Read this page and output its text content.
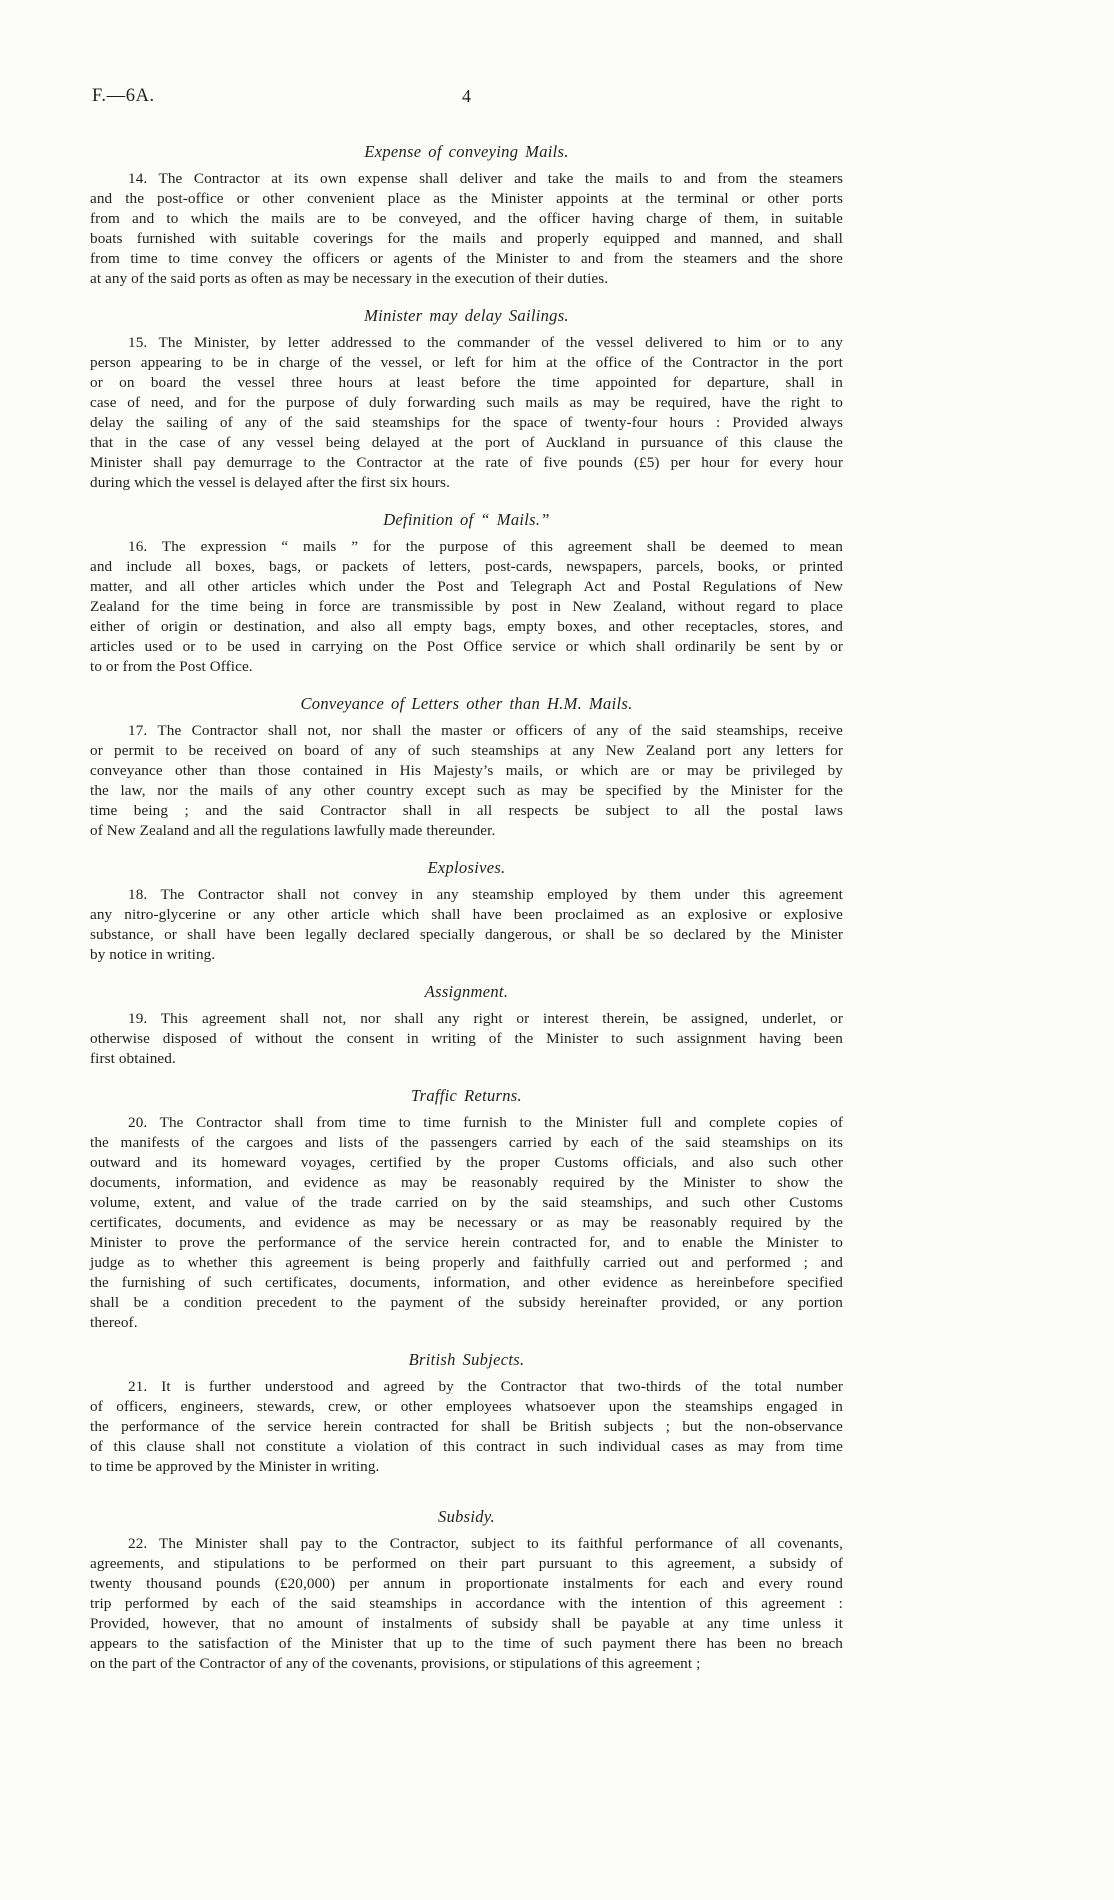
F.—6A.	4
Expense of conveying Mails.
14. The Contractor at its own expense shall deliver and take the mails to and from the steamers
and the post-office or other convenient place as the Minister appoints at the terminal or other ports
from and to which the mails are to be conveyed, and the officer having charge of them, in suitable
boats furnished with suitable coverings for the mails and properly equipped and manned, and shall
from time to time convey the officers or agents of the Minister to and from the steamers and the shore
at any of the said ports as often as may be necessary in the execution of their duties.
Minister may delay Sailings.
15. The Minister, by letter addressed to the commander of the vessel delivered to him or to any
person appearing to be in charge of the vessel, or left for him at the office of the Contractor in the port
or on board the vessel three hours at least before the time appointed for departure, shall in
case of need, and for the purpose of duly forwarding such mails as may be required, have the right to
delay the sailing of any of the said steamships for the space of twenty-four hours : Provided always
that in the case of any vessel being delayed at the port of Auckland in pursuance of this clause the
Minister shall pay demurrage to the Contractor at the rate of five pounds (£5) per hour for every hour
during which the vessel is delayed after the first six hours.
Definition of “ Mails.”
16. The expression “ mails ” for the purpose of this agreement shall be deemed to mean
and include all boxes, bags, or packets of letters, post-cards, newspapers, parcels, books, or printed
matter, and all other articles which under the Post and Telegraph Act and Postal Regulations of New
Zealand for the time being in force are transmissible by post in New Zealand, without regard to place
either of origin or destination, and also all empty bags, empty boxes, and other receptacles, stores, and
articles used or to be used in carrying on the Post Office service or which shall ordinarily be sent by or
to or from the Post Office.
Conveyance of Letters other than H.M. Mails.
17. The Contractor shall not, nor shall the master or officers of any of the said steamships, receive
or permit to be received on board of any of such steamships at any New Zealand port any letters for
conveyance other than those contained in His Majesty’s mails, or which are or may be privileged by
the law, nor the mails of any other country except such as may be specified by the Minister for the
time being ; and the said Contractor shall in all respects be subject to all the postal laws
of New Zealand and all the regulations lawfully made thereunder.
Explosives.
18. The Contractor shall not convey in any steamship employed by them under this agreement
any nitro-glycerine or any other article which shall have been proclaimed as an explosive or explosive
substance, or shall have been legally declared specially dangerous, or shall be so declared by the Minister
by notice in writing.
Assignment.
19. This agreement shall not, nor shall any right or interest therein, be assigned, underlet, or
otherwise disposed of without the consent in writing of the Minister to such assignment having been
first obtained.
Traffic Returns.
20. The Contractor shall from time to time furnish to the Minister full and complete copies of
the manifests of the cargoes and lists of the passengers carried by each of the said steamships on its
outward and its homeward voyages, certified by the proper Customs officials, and also such other
documents, information, and evidence as may be reasonably required by the Minister to show the
volume, extent, and value of the trade carried on by the said steamships, and such other Customs
certificates, documents, and evidence as may be necessary or as may be reasonably required by the
Minister to prove the performance of the service herein contracted for, and to enable the Minister to
judge as to whether this agreement is being properly and faithfully carried out and performed ; and
the furnishing of such certificates, documents, information, and other evidence as hereinbefore specified
shall be a condition precedent to the payment of the subsidy hereinafter provided, or any portion
thereof.
British Subjects.
21. It is further understood and agreed by the Contractor that two-thirds of the total number
of officers, engineers, stewards, crew, or other employees whatsoever upon the steamships engaged in
the performance of the service herein contracted for shall be British subjects ; but the non-observance
of this clause shall not constitute a violation of this contract in such individual cases as may from time
to time be approved by the Minister in writing.
Subsidy.
22. The Minister shall pay to the Contractor, subject to its faithful performance of all covenants,
agreements, and stipulations to be performed on their part pursuant to this agreement, a subsidy of
twenty thousand pounds (£20,000) per annum in proportionate instalments for each and every round
trip performed by each of the said steamships in accordance with the intention of this agreement :
Provided, however, that no amount of instalments of subsidy shall be payable at any time unless it
appears to the satisfaction of the Minister that up to the time of such payment there has been no breach
on the part of the Contractor of any of the covenants, provisions, or stipulations of this agreement ;
